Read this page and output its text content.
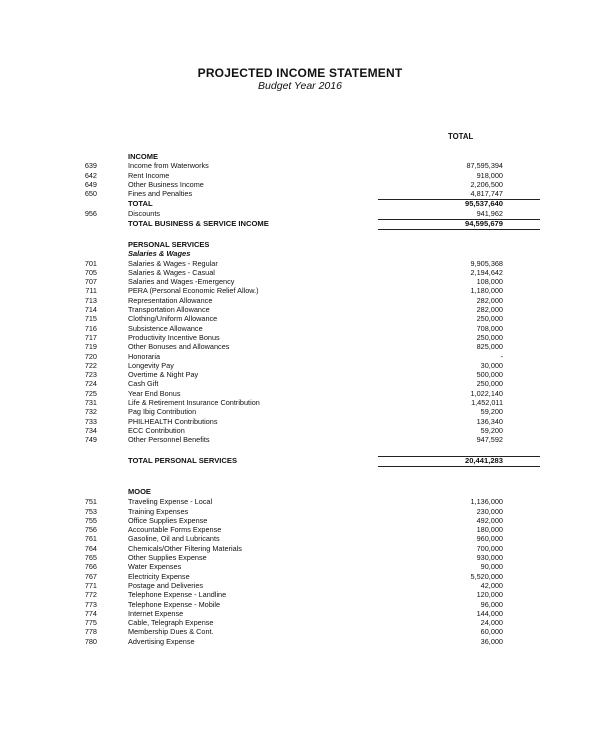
PROJECTED INCOME STATEMENT
Budget Year 2016
TOTAL
INCOME
639	Income from Waterworks	87,595,394
642	Rent Income	918,000
649	Other Business Income	2,206,500
650	Fines and Penalties	4,817,747
TOTAL	95,537,640
956	Discounts	941,962
TOTAL BUSINESS & SERVICE INCOME	94,595,679
PERSONAL SERVICES
Salaries & Wages
701	Salaries & Wages - Regular	9,905,368
705	Salaries & Wages - Casual	2,194,642
707	Salaries and Wages -Emergency	108,000
711	PERA (Personal Economic Relief Allow.)	1,180,000
713	Representation Allowance	282,000
714	Transportation Allowance	282,000
715	Clothing/Uniform Allowance	250,000
716	Subsistence Allowance	708,000
717	Productivity Incentive Bonus	250,000
719	Other Bonuses and Allowances	825,000
720	Honoraria	-
722	Longevity Pay	30,000
723	Overtime & Night Pay	500,000
724	Cash Gift	250,000
725	Year End Bonus	1,022,140
731	Life & Retirement Insurance Contribution	1,452,011
732	Pag Ibig Contribution	59,200
733	PHILHEALTH Contributions	136,340
734	ECC Contribution	59,200
749	Other Personnel Benefits	947,592
TOTAL PERSONAL SERVICES	20,441,283
MOOE
751	Traveling Expense - Local	1,136,000
753	Training Expenses	230,000
755	Office Supplies Expense	492,000
756	Accountable Forms Expense	180,000
761	Gasoline, Oil and Lubricants	960,000
764	Chemicals/Other Filtering Materials	700,000
765	Other Supplies Expense	930,000
766	Water Expenses	90,000
767	Electricity Expense	5,520,000
771	Postage and Deliveries	42,000
772	Telephone Expense - Landline	120,000
773	Telephone Expense - Mobile	96,000
774	Internet Expense	144,000
775	Cable, Telegraph Expense	24,000
778	Membership Dues & Cont.	60,000
780	Advertising Expense	36,000
